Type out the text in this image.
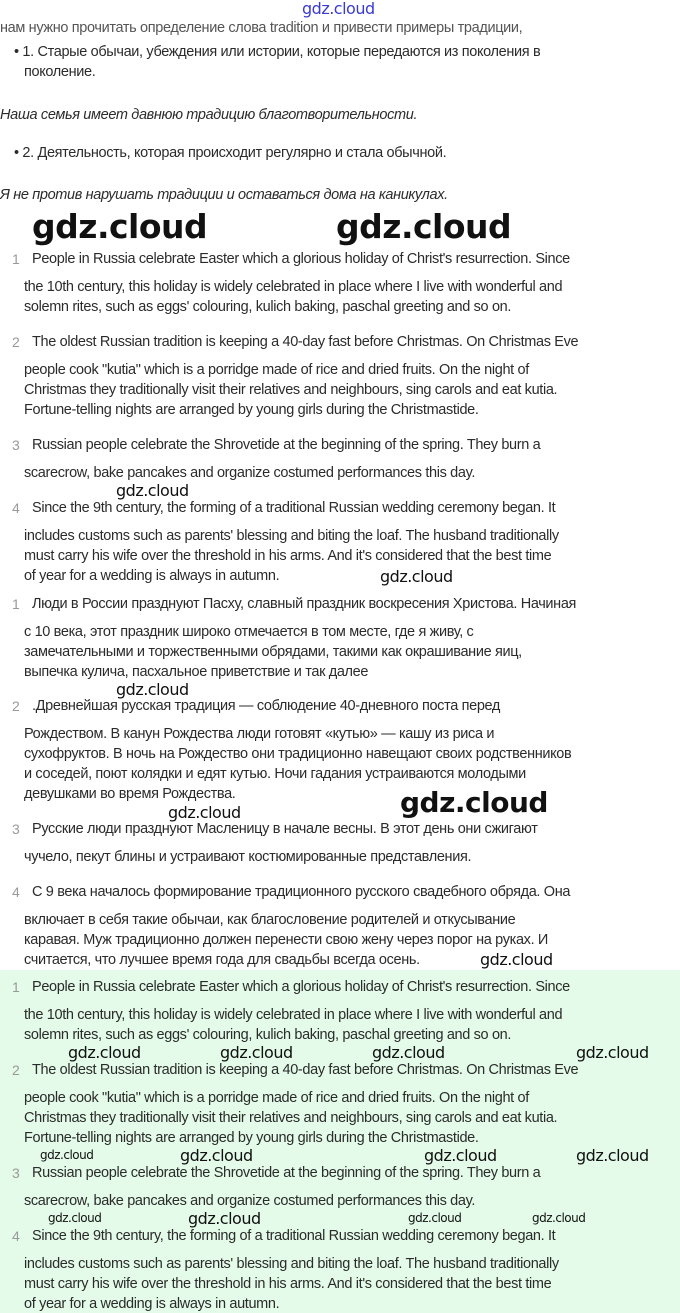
нам нужно прочитать определение слова tradition и привести примеры традиции,
• 1. Старые обычаи, убеждения или истории, которые передаются из поколения в
поколение.
Наша семья имеет давнюю традицию благотворительности.
• 2. Деятельность, которая происходит регулярно и стала обычной.
Я не против нарушать традиции и оставаться дома на каникулах.
1 People in Russia celebrate Easter which a glorious holiday of Christ's resurrection. Since
the 10th century, this holiday is widely celebrated in place where I live with wonderful and
solemn rites, such as eggs' colouring, kulich baking, paschal greeting and so on.
2 The oldest Russian tradition is keeping a 40-day fast before Christmas. On Christmas Eve
people cook "kutia" which is a porridge made of rice and dried fruits. On the night of
Christmas they traditionally visit their relatives and neighbours, sing carols and eat kutia.
Fortune-telling nights are arranged by young girls during the Christmastide.
3 Russian people celebrate the Shrovetide at the beginning of the spring. They burn a
scarecrow, bake pancakes and organize costumed performances this day.
4 Since the 9th century, the forming of a traditional Russian wedding ceremony began. It
includes customs such as parents' blessing and biting the loaf. The husband traditionally
must carry his wife over the threshold in his arms. And it's considered that the best time
of year for a wedding is always in autumn.
1 Люди в России празднуют Пасху, славный праздник воскресения Христова. Начиная
с 10 века, этот праздник широко отмечается в том месте, где я живу, с
замечательными и торжественными обрядами, такими как окрашивание яиц,
выпечка кулича, пасхальное приветствие и так далее
2 .Древнейшая русская традиция — соблюдение 40-дневного поста перед
Рождеством. В канун Рождества люди готовят «кутью» — кашу из риса и
сухофруктов. В ночь на Рождество они традиционно навещают своих родственников
и соседей, поют колядки и едят кутью. Ночи гадания устраиваются молодыми
девушками во время Рождества.
3 Русские люди празднуют Масленицу в начале весны. В этот день они сжигают
чучело, пекут блины и устраивают костюмированные представления.
4 С 9 века началось формирование традиционного русского свадебного обряда. Она
включает в себя такие обычаи, как благословение родителей и откусывание
каравая. Муж традиционно должен перенести свою жену через порог на руках. И
считается, что лучшее время года для свадьбы всегда осень.
1 People in Russia celebrate Easter which a glorious holiday of Christ's resurrection. Since
the 10th century, this holiday is widely celebrated in place where I live with wonderful and
solemn rites, such as eggs' colouring, kulich baking, paschal greeting and so on.
2 The oldest Russian tradition is keeping a 40-day fast before Christmas. On Christmas Eve
people cook "kutia" which is a porridge made of rice and dried fruits. On the night of
Christmas they traditionally visit their relatives and neighbours, sing carols and eat kutia.
Fortune-telling nights are arranged by young girls during the Christmastide.
3 Russian people celebrate the Shrovetide at the beginning of the spring. They burn a
scarecrow, bake pancakes and organize costumed performances this day.
4 Since the 9th century, the forming of a traditional Russian wedding ceremony began. It
includes customs such as parents' blessing and biting the loaf. The husband traditionally
must carry his wife over the threshold in his arms. And it's considered that the best time
of year for a wedding is always in autumn.
gdz.cloud
gdz.cloud	gdz.cloud
gdz.cloud
gdz.cloud
gdz.cloud
gdz.cloud
gdz.cloud
gdz.cloud
gdz.cloud	gdz.cloud	gdz.cloud	gdz.cloud
gdz.cloud	gdz.cloud	gdz.cloud	gdz.cloud
gdz.cloud	gdz.cloud	gdz.cloud	gdz.cloud
